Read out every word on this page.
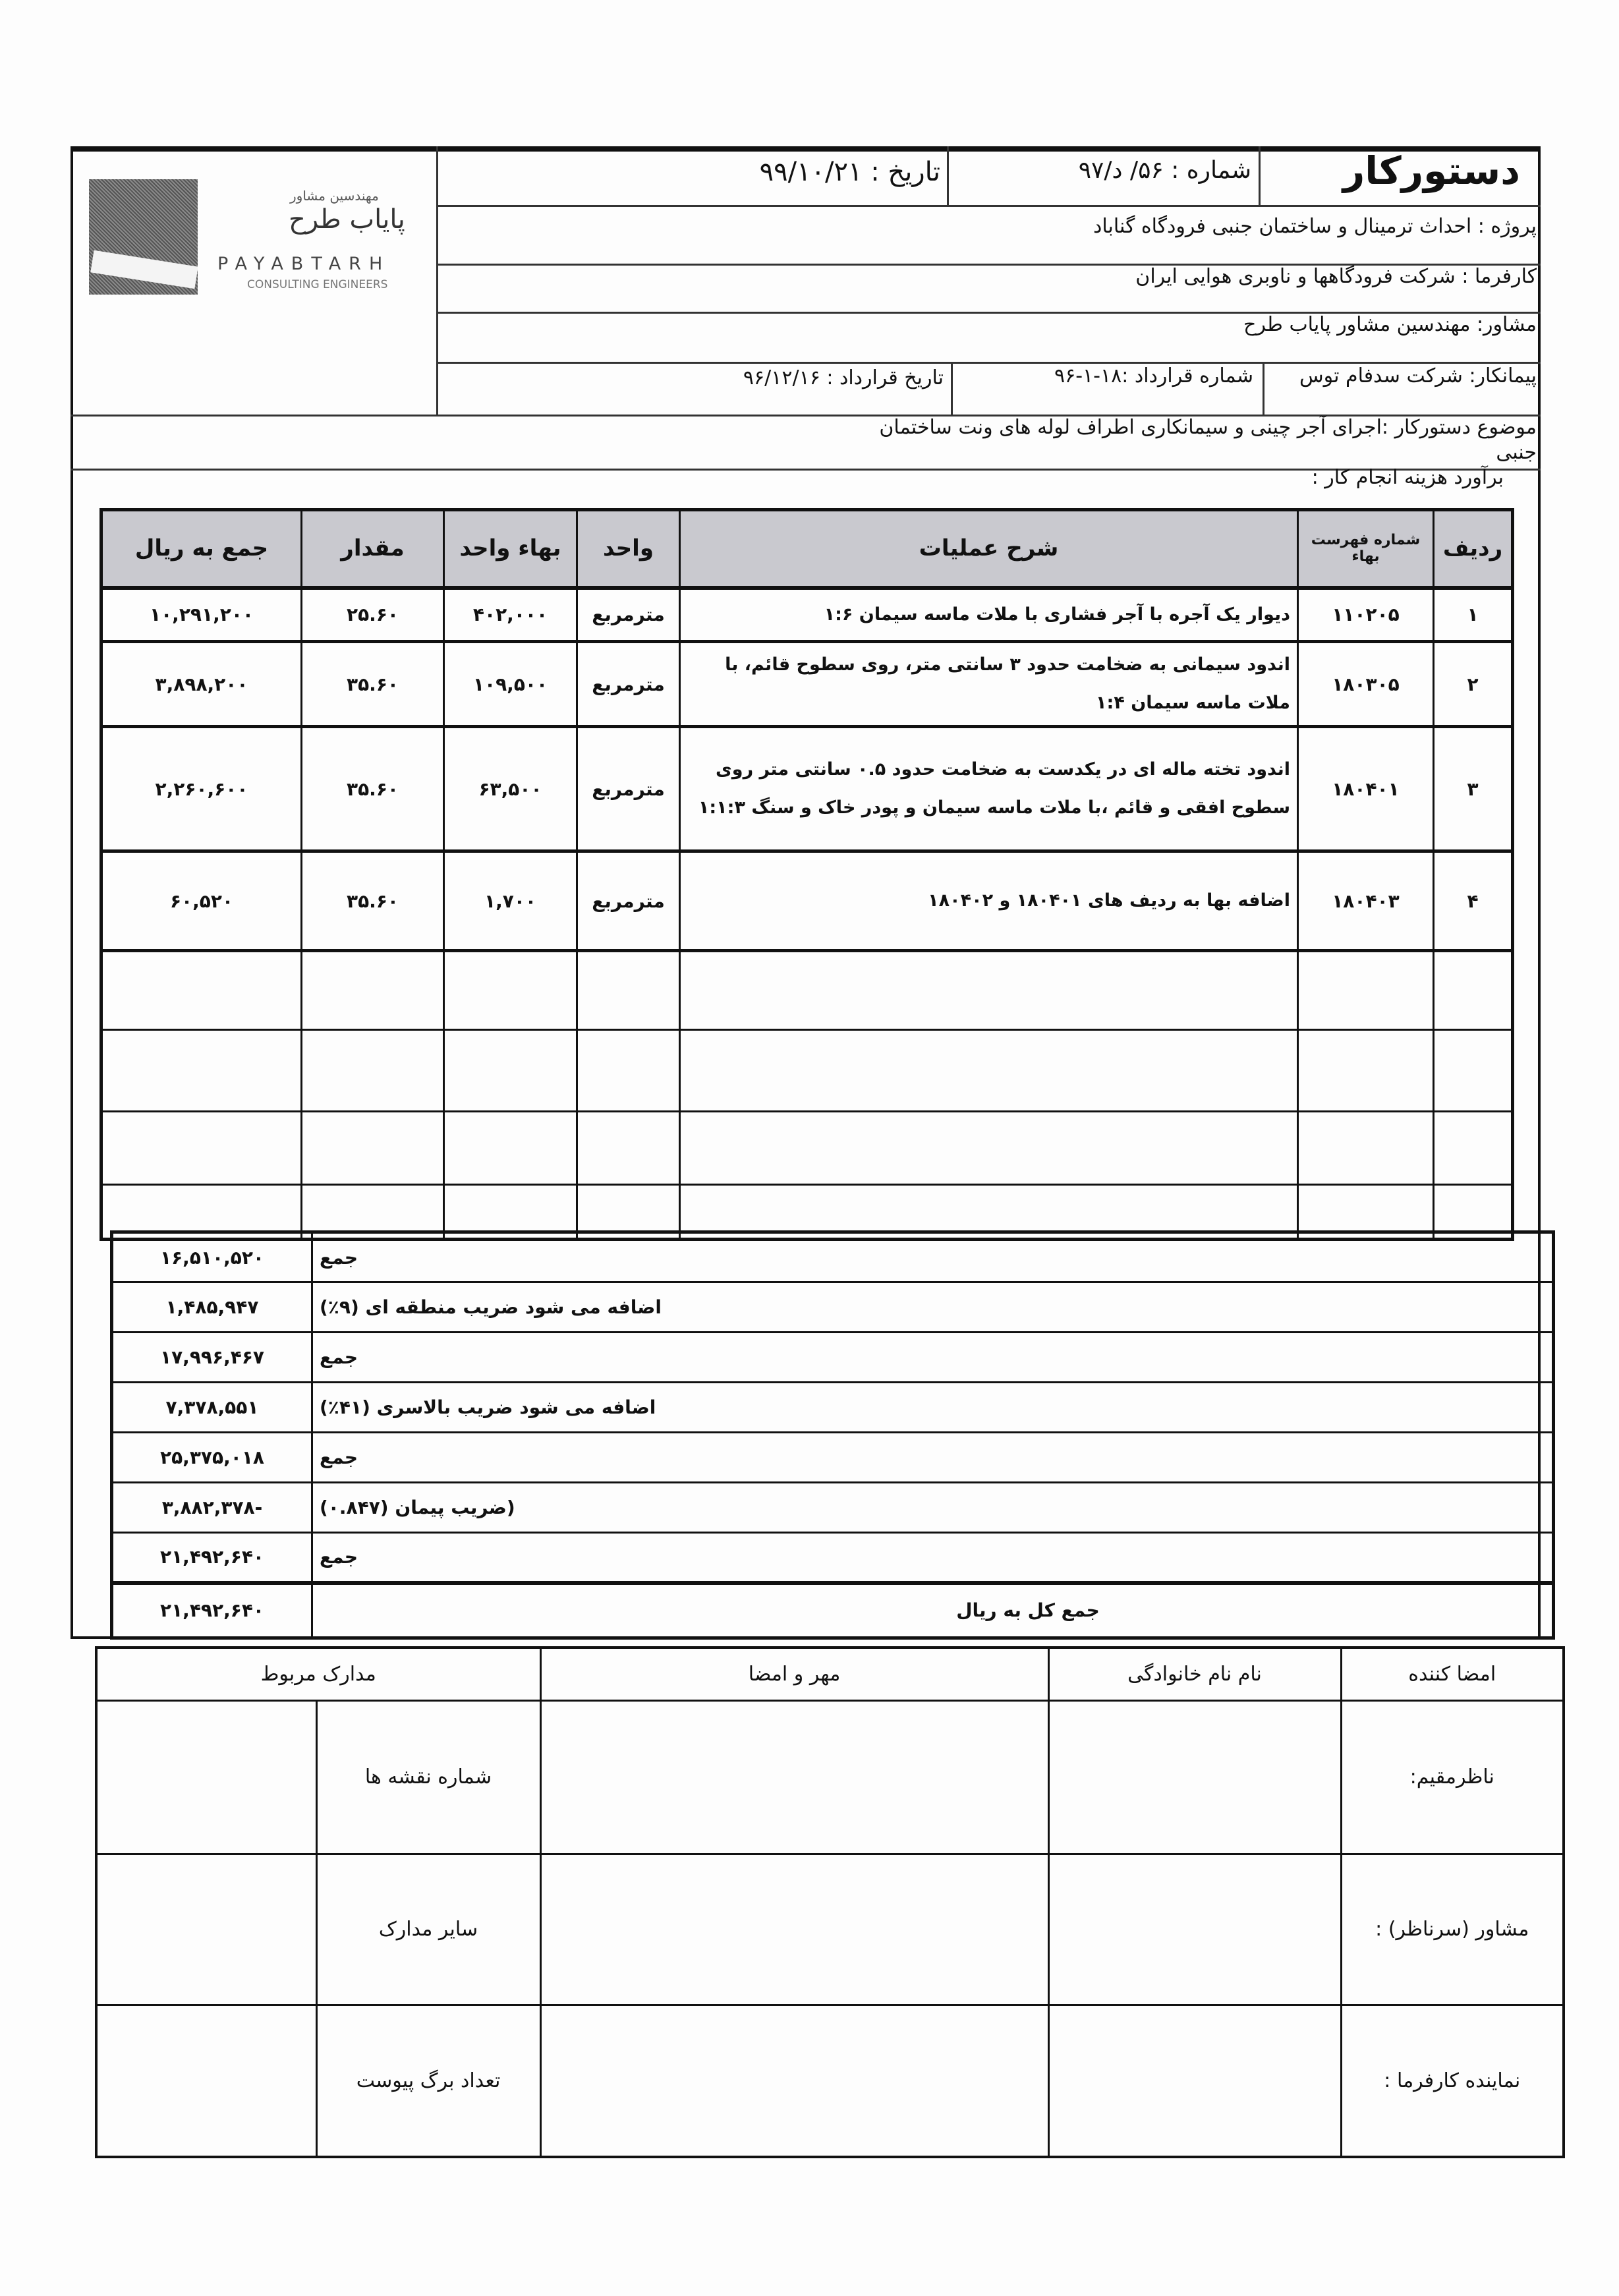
مهندسین مشاور
پایاب طرح
PAYABTARH
CONSULTING ENGINEERS
دستورکار
شماره : ۵۶/ د/۹۷
تاریخ : ۹۹/۱۰/۲۱
پروژه : احداث ترمینال و ساختمان جنبی فرودگاه گناباد
کارفرما : شرکت فرودگاهها و ناوبری هوایی ایران
مشاور: مهندسین مشاور پایاب طرح
پیمانکار: شرکت سدفام توس
شماره قرارداد :۱۸-۱-۹۶
تاریخ قرارداد : ۹۶/۱۲/۱۶
موضوع دستورکار :اجرای آجر چینی و سیمانکاری اطراف لوله های ونت ساختمان جنبی
برآورد هزینه انجام کار :
ردیف	شماره فهرست بهاء	شرح عملیات	واحد	بهاء واحد	مقدار	جمع به ریال
۱	۱۱۰۲۰۵	دیوار یک آجره با آجر فشاری با ملات ماسه سیمان ۱:۶	مترمربع	۴۰۲,۰۰۰	۲۵.۶۰	۱۰,۲۹۱,۲۰۰
۲	۱۸۰۳۰۵	اندود سیمانی به ضخامت حدود ۳ سانتی متر، روی سطوح قائم، با ملات ماسه سیمان ۱:۴	مترمربع	۱۰۹,۵۰۰	۳۵.۶۰	۳,۸۹۸,۲۰۰
۳	۱۸۰۴۰۱	اندود تخته ماله ای در یکدست به ضخامت حدود ۰.۵ سانتی متر روی سطوح افقی و قائم ،با ملات ماسه سیمان و پودر خاک و سنگ ۱:۱:۳	مترمربع	۶۳,۵۰۰	۳۵.۶۰	۲,۲۶۰,۶۰۰
۴	۱۸۰۴۰۳	اضافه بها به ردیف های ۱۸۰۴۰۱ و ۱۸۰۴۰۲	مترمربع	۱,۷۰۰	۳۵.۶۰	۶۰,۵۲۰

جمع	۱۶,۵۱۰,۵۲۰
اضافه می شود ضریب منطقه ای (۹٪)	۱,۴۸۵,۹۴۷
جمع	۱۷,۹۹۶,۴۶۷
اضافه می شود ضریب بالاسری (۴۱٪)	۷,۳۷۸,۵۵۱
جمع	۲۵,۳۷۵,۰۱۸
(ضریب پیمان (۰.۸۴۷)	-۳,۸۸۲,۳۷۸
جمع	۲۱,۴۹۲,۶۴۰
جمع کل به ریال	۲۱,۴۹۲,۶۴۰
امضا کننده	نام نام خانوادگی	مهر و امضا	مدارک مربوط	
ناظرمقیم:			شماره نقشه ها	
مشاور (سرناظر) :			سایر مدارک	
نماینده کارفرما :			تعداد برگ پیوست	
